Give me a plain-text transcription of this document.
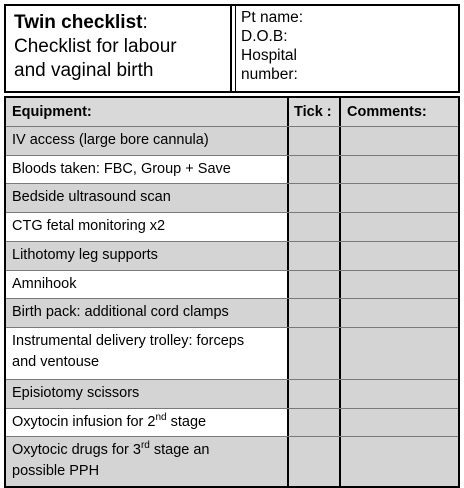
Twin checklist:
Checklist for labour
and vaginal birth
Pt name:
D.O.B:
Hospital
number:
Equipment:	Tick :	Comments:
IV access (large bore cannula)
Bloods taken: FBC, Group + Save
Bedside ultrasound scan
CTG fetal monitoring x2
Lithotomy leg supports
Amnihook
Birth pack: additional cord clamps
Instrumental delivery trolley: forceps
and ventouse
Episiotomy scissors
Oxytocin infusion for 2nd stage
Oxytocic drugs for 3rd stage an
possible PPH
